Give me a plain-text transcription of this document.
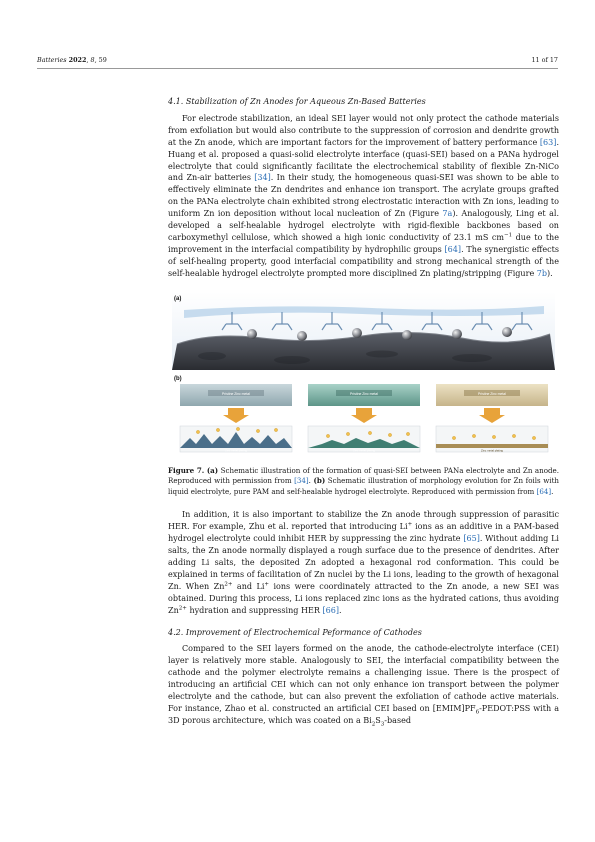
Batteries 2022, 8, 59	11 of 17
4.1. Stabilization of Zn Anodes for Aqueous Zn-Based Batteries

For electrode stabilization, an ideal SEI layer would not only protect the cathode materials from exfoliation but would also contribute to the suppression of corrosion and dendrite growth at the Zn anode, which are important factors for the improvement of battery performance [63]. Huang et al. proposed a quasi-solid electrolyte interface (quasi-SEI) based on a PANa hydrogel electrolyte that could significantly facilitate the electrochemical stability of flexible Zn-NiCo and Zn-air batteries [34]. In their study, the homogeneous quasi-SEI was shown to be able to effectively eliminate the Zn dendrites and enhance ion transport. The acrylate groups grafted on the PANa electrolyte chain exhibited strong electrostatic interaction with Zn ions, leading to uniform Zn ion deposition without local nucleation of Zn (Figure 7a). Analogously, Ling et al. developed a self-healable hydrogel electrolyte with rigid-flexible backbones based on carboxymethyl cellulose, which showed a high ionic conductivity of 23.1 mS $cm^{-1}$ due to the improvement in the interfacial compatibility by hydrophilic groups [64]. The synergistic effects of self-healing property, good interfacial compatibility and strong mechanical strength of the self-healable hydrogel electrolyte prompted more disciplined Zn plating/stripping (Figure 7b).

(a)
(b)
Pristine Zinc metal	Pristine Zinc metal	Pristine Zinc metal
Zinc metal plating	Zinc metal plating	Zinc metal plating
Figure 7. (a) Schematic illustration of the formation of quasi-SEI between PANa electrolyte and Zn anode. Reproduced with permission from [34]. (b) Schematic illustration of morphology evolution for Zn foils with liquid electrolyte, pure PAM and self-healable hydrogel electrolyte. Reproduced with permission from [64].

In addition, it is also important to stabilize the Zn anode through suppression of parasitic HER. For example, Zhu et al. reported that introducing Li+ ions as an additive in a PAM-based hydrogel electrolyte could inhibit HER by suppressing the zinc hydrate [65]. Without adding Li salts, the Zn anode normally displayed a rough surface due to the presence of dendrites. After adding Li salts, the deposited Zn adopted a hexagonal rod conformation. This could be explained in terms of facilitation of Zn nuclei by the Li ions, leading to the growth of hexagonal Zn. When $Zn^{2+}$ and Li+ ions were coordinately attracted to the Zn anode, a new SEI was obtained. During this process, Li ions replaced zinc ions as the hydrated cations, thus avoiding $Zn^{2+}$ hydration and suppressing HER [66].

4.2. Improvement of Electrochemical Peformance of Cathodes

Compared to the SEI layers formed on the anode, the cathode-electrolyte interface (CEI) layer is relatively more stable. Analogously to SEI, the interfacial compatibility between the cathode and the polymer electrolyte remains a challenging issue. There is the prospect of introducing an artificial CEI which can not only enhance ion transport between the polymer electrolyte and the cathode, but can also prevent the exfoliation of cathode active materials. For instance, Zhao et al. constructed an artificial CEI based on $[EMIM]PF_6-PEDOT:PSS$ with a 3D porous architecture, which was coated on a $Bi_2S_3$-based
